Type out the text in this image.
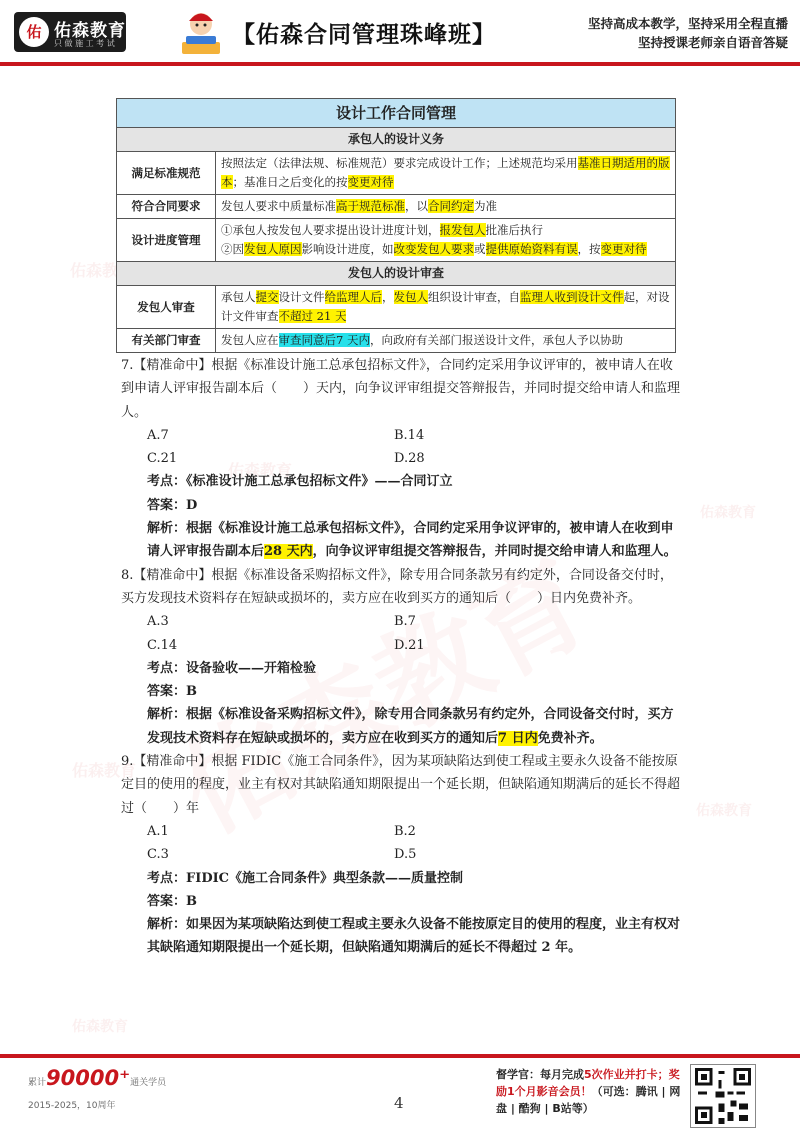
佑 佑森教育
只 做 施 工 考 试	【佑森合同管理珠峰班】	坚持高成本教学，坚持采用全程直播
坚持授课老师亲自语音答疑
佑森教育
佑森教育
佑森教育
佑森教育
佑森教育
佑森教育
设计工作合同管理	
承包人的设计义务	
满足标准规范	按照法定（法律法规、标准规范）要求完成设计工作；上述规范均采用基准日期适用的版本；基准日之后变化的按变更对待
符合合同要求	发包人要求中质量标准高于规范标准，以合同约定为准
设计进度管理	①承包人按发包人要求提出设计进度计划，报发包人批准后执行
②因发包人原因影响设计进度，如改变发包人要求或提供原始资料有误，按变更对待

发包人的设计审查	
发包人审查	承包人提交设计文件给监理人后，发包人组织设计审查，自监理人收到设计文件起，对设计文件审查不超过 21 天
有关部门审查	发包人应在审查同意后7 天内，向政府有关部门报送设计文件，承包人予以协助

7.【精准命中】根据《标准设计施工总承包招标文件》，合同约定采用争议评审的，被申请人在收到申请人评审报告副本后（　　）天内，向争议评审组提交答辩报告，并同时提交给申请人和监理人。

A.7	B.14
C.21	D.28

考点：《标准设计施工总承包招标文件》——合同订立

答案：D

解析：根据《标准设计施工总承包招标文件》，合同约定采用争议评审的，被申请人在收到申请人评审报告副本后28 天内，向争议评审组提交答辩报告，并同时提交给申请人和监理人。

8.【精准命中】根据《标准设备采购招标文件》，除专用合同条款另有约定外，合同设备交付时，买方发现技术资料存在短缺或损坏的，卖方应在收到买方的通知后（　　）日内免费补齐。

A.3	B.7
C.14	D.21

考点：设备验收——开箱检验

答案：B

解析：根据《标准设备采购招标文件》，除专用合同条款另有约定外，合同设备交付时，买方发现技术资料存在短缺或损坏的，卖方应在收到买方的通知后7 日内免费补齐。

9.【精准命中】根据 FIDIC《施工合同条件》，因为某项缺陷达到使工程或主要永久设备不能按原定目的使用的程度，业主有权对其缺陷通知期限提出一个延长期，但缺陷通知期满后的延长不得超过（　　）年

A.1	B.2
C.3	D.5

考点：FIDIC《施工合同条件》典型条款——质量控制

答案：B

解析：如果因为某项缺陷达到使工程或主要永久设备不能按原定目的使用的程度，业主有权对其缺陷通知期限提出一个延长期，但缺陷通知期满后的延长不得超过 2 年。

累计90000⁺通关学员
2015-2025，10周年	4
督学官：每月完成5次作业并打卡；奖励1个月影音会员！（可选：腾讯 | 网盘 | 酷狗 | B站等）
